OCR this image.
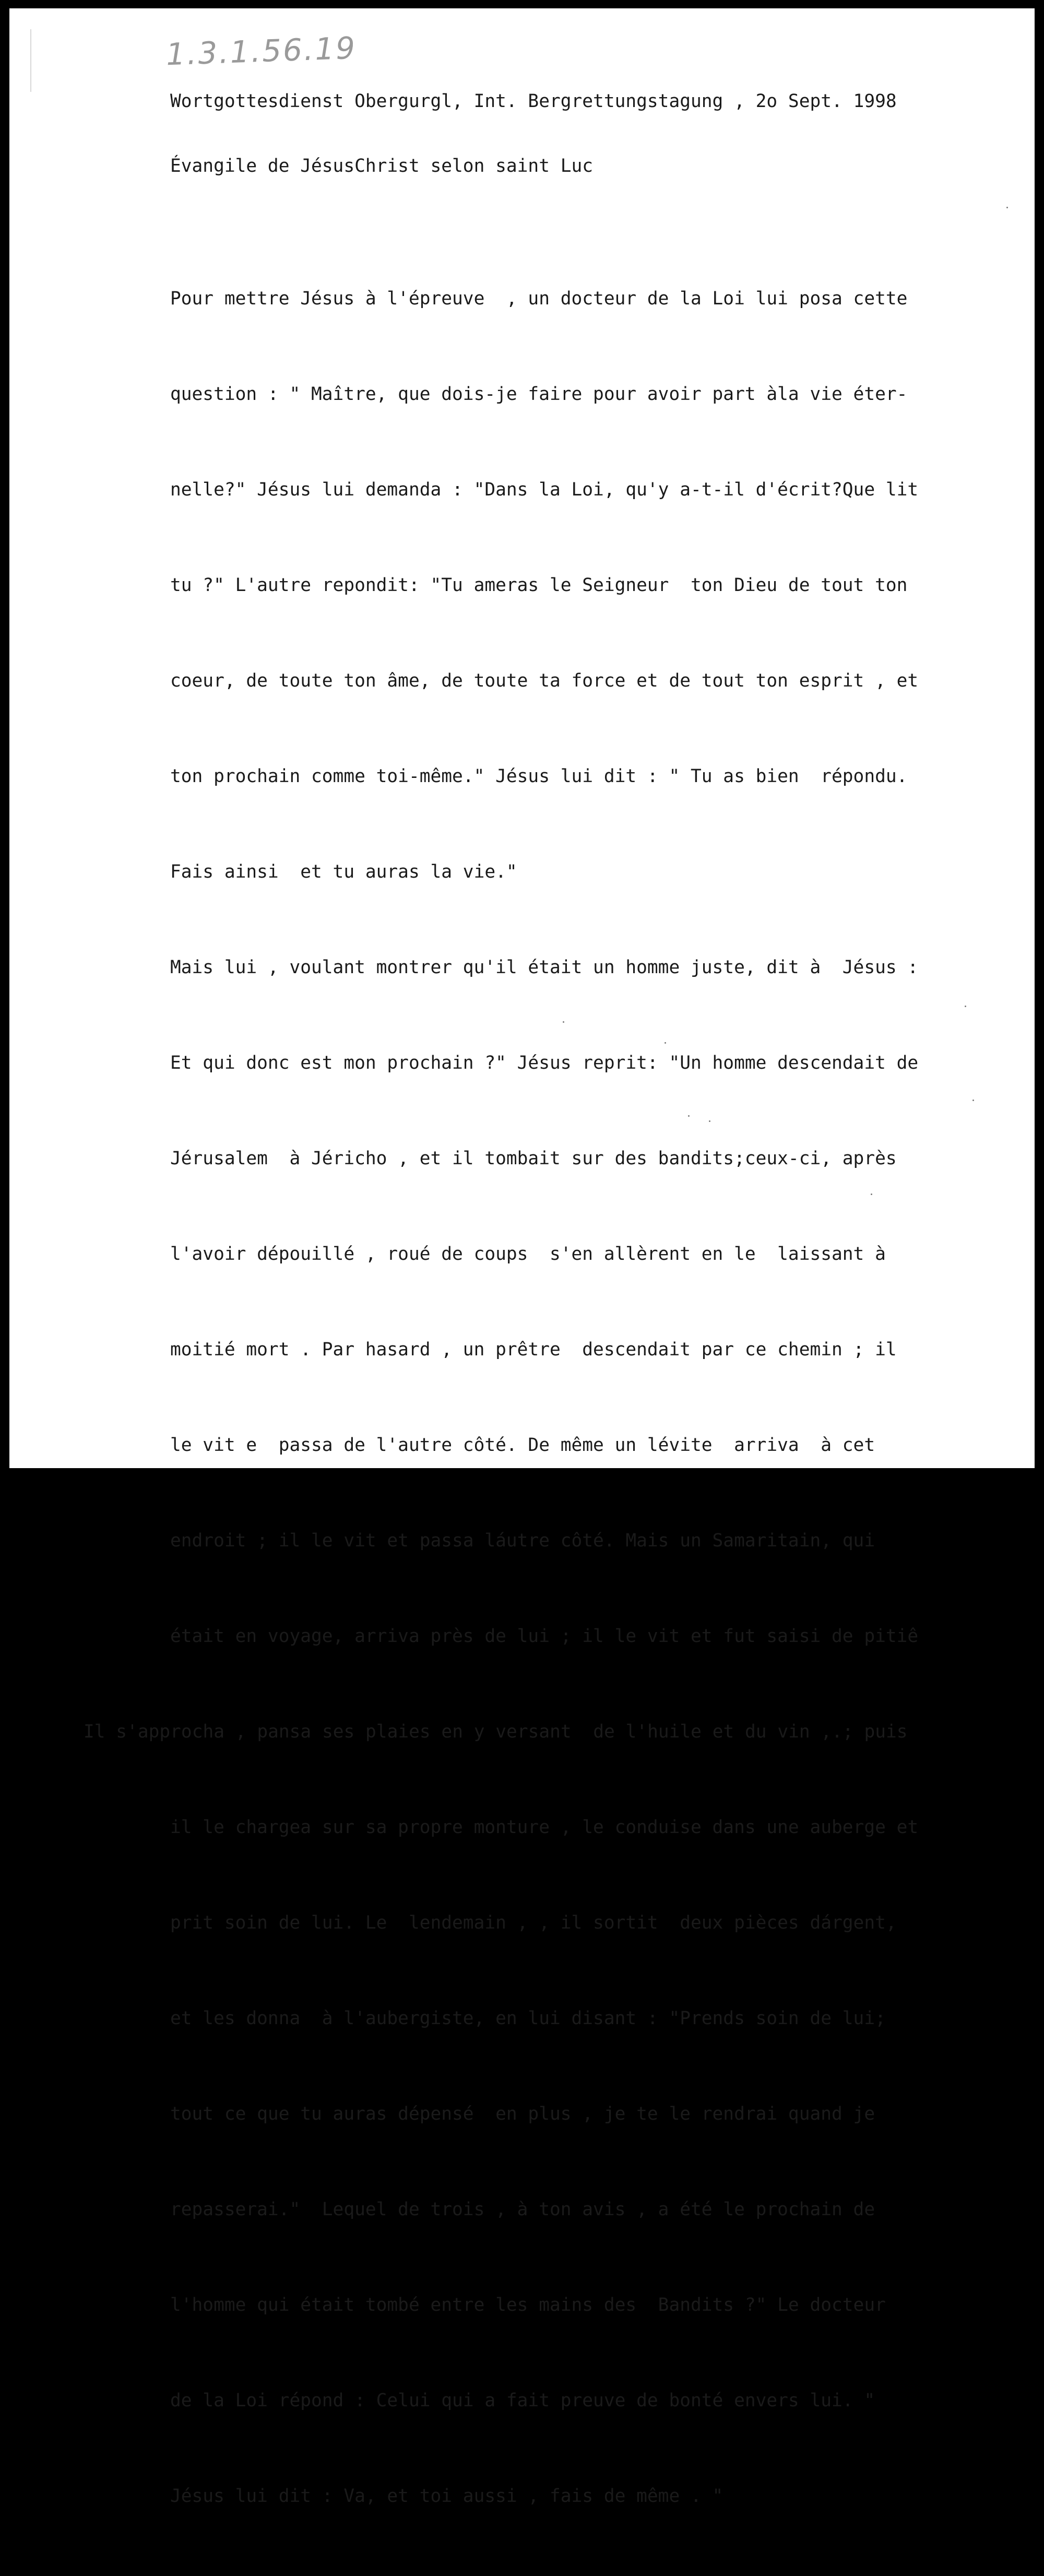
1.3.1.56.19
Wortgottesdienst Obergurgl, Int. Bergrettungstagung , 2o Sept. 1998
Évangile de JésusChrist selon saint Luc

Pour mettre Jésus à l'épreuve  , un docteur de la Loi lui posa cette

question : " Maître, que dois-je faire pour avoir part àla vie éter-

nelle?" Jésus lui demanda : "Dans la Loi, qu'y a-t-il d'écrit?Que lit

tu ?" L'autre repondit: "Tu ameras le Seigneur  ton Dieu de tout ton

coeur, de toute ton âme, de toute ta force et de tout ton esprit , et

ton prochain comme toi-même." Jésus lui dit : " Tu as bien  répondu.

Fais ainsi  et tu auras la vie."

Mais lui , voulant montrer qu'il était un homme juste, dit à  Jésus :

Et qui donc est mon prochain ?" Jésus reprit: "Un homme descendait de

Jérusalem  à Jéricho , et il tombait sur des bandits;ceux-ci, après

l'avoir dépouillé , roué de coups  s'en allèrent en le  laissant à

moitié mort . Par hasard , un prêtre  descendait par ce chemin ; il

le vit e  passa de l'autre côté. De même un lévite  arriva  à cet

endroit ; il le vit et passa láutre côté. Mais un Samaritain, qui

était en voyage, arriva près de lui ; il le vit et fut saisi de pitiê

Il s'approcha , pansa ses plaies en y versant  de l'huile et du vin ,.; puis

il le chargea sur sa propre monture , le conduise dans une auberge et

prit soin de lui. Le  lendemain , , il sortit  deux pièces dárgent,

et les donna  à l'aubergiste, en lui disant : "Prends soin de lui;

tout ce que tu auras dépensé  en plus , je te le rendrai quand je

repasserai."  Lequel de trois , à ton avis , a été le prochain de

l'homme qui était tombé entre les mains des  Bandits ?" Le docteur

de la Loi répond : Celui qui a fait preuve de bonté envers lui. "

Jésus lui dit : Va, et toi aussi , fais de même . "
